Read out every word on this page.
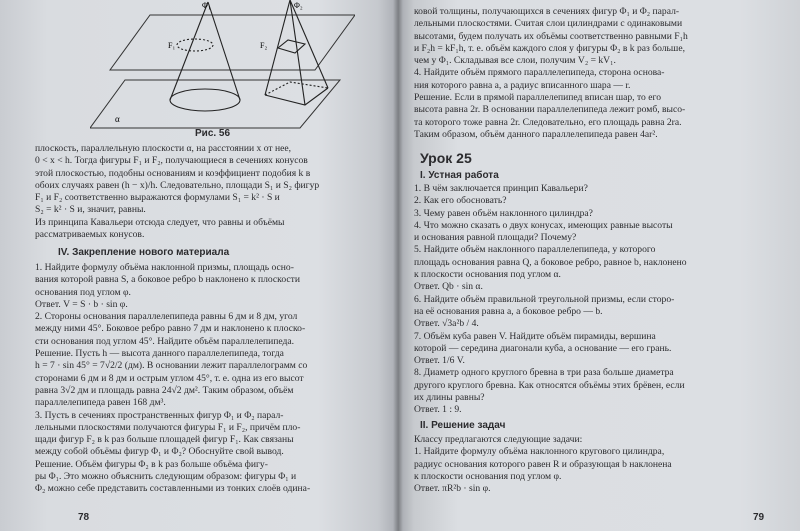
Φ₁	Φ₂
F₁	F₂
α
Рис. 56
плоскость, параллельную плоскости α, на расстоянии x от нее,
0 < x < h. Тогда фигуры F₁ и F₂, получающиеся в сечениях конусов
этой плоскостью, подобны основаниям и коэффициент подобия k в
обоих случаях равен (h − x)/h. Следовательно, площади S₁ и S₂ фигур
F₁ и F₂ соответственно выражаются формулами S₁ = k² · S и
S₂ = k² · S и, значит, равны.
Из принципа Кавальери отсюда следует, что равны и объёмы
рассматриваемых конусов.
IV. Закрепление нового материала
1. Найдите формулу объёма наклонной призмы, площадь осно-
вания которой равна S, а боковое ребро b наклонено к плоскости
основания под углом φ.
Ответ. V = S · b · sin φ.
2. Стороны основания параллелепипеда равны 6 дм и 8 дм, угол
между ними 45°. Боковое ребро равно 7 дм и наклонено к плоско-
сти основания под углом 45°. Найдите объём параллелепипеда.
Решение. Пусть h — высота данного параллелепипеда, тогда
h = 7 · sin 45° = 7√2/2 (дм). В основании лежит параллелограмм со
сторонами 6 дм и 8 дм и острым углом 45°, т. е. одна из его высот
равна 3√2 дм и площадь равна 24√2 дм². Таким образом, объём
параллелепипеда равен 168 дм³.
3. Пусть в сечениях пространственных фигур Φ₁ и Φ₂ парал-
лельными плоскостями получаются фигуры F₁ и F₂, причём пло-
щади фигур F₂ в k раз больше площадей фигур F₁. Как связаны
между собой объёмы фигур Φ₁ и Φ₂? Обоснуйте свой вывод.
Решение. Объём фигуры Φ₂ в k раз больше объёма фигу-
ры Φ₁. Это можно объяснить следующим образом: фигуры Φ₁ и
Φ₂ можно себе представить составленными из тонких слоёв одина-
78
ковой толщины, получающихся в сечениях фигур Φ₁ и Φ₂ парал-
лельными плоскостями. Считая слои цилиндрами с одинаковыми
высотами, будем получать их объёмы соответственно равными F₁h
и F₂h = kF₁h, т. е. объём каждого слоя у фигуры Φ₂ в k раз больше,
чем у Φ₁. Складывая все слои, получим V₂ = kV₁.
4. Найдите объём прямого параллелепипеда, сторона основа-
ния которого равна a, а радиус вписанного шара — r.
Решение. Если в прямой параллелепипед вписан шар, то его
высота равна 2r. В основании параллелепипеда лежит ромб, высо-
та которого тоже равна 2r. Следовательно, его площадь равна 2ra.
Таким образом, объём данного параллелепипеда равен 4ar².
Урок 25
I. Устная работа
1. В чём заключается принцип Кавальери?
2. Как его обосновать?
3. Чему равен объём наклонного цилиндра?
4. Что можно сказать о двух конусах, имеющих равные высоты
и основания равной площади? Почему?
5. Найдите объём наклонного параллелепипеда, у которого
площадь основания равна Q, а боковое ребро, равное b, наклонено
к плоскости основания под углом α.
Ответ. Qb · sin α.
6. Найдите объём правильной треугольной призмы, если сторо-
на её основания равна a, а боковое ребро — b.
Ответ. √3a²b / 4.
7. Объём куба равен V. Найдите объём пирамиды, вершина
которой — середина диагонали куба, а основание — его грань.
Ответ. 1/6 V.
8. Диаметр одного круглого бревна в три раза больше диаметра
другого круглого бревна. Как относятся объёмы этих брёвен, если
их длины равны?
Ответ. 1 : 9.
II. Решение задач
Классу предлагаются следующие задачи:
1. Найдите формулу объёма наклонного кругового цилиндра,
радиус основания которого равен R и образующая b наклонена
к плоскости основания под углом φ.
Ответ. πR²b · sin φ.
79
